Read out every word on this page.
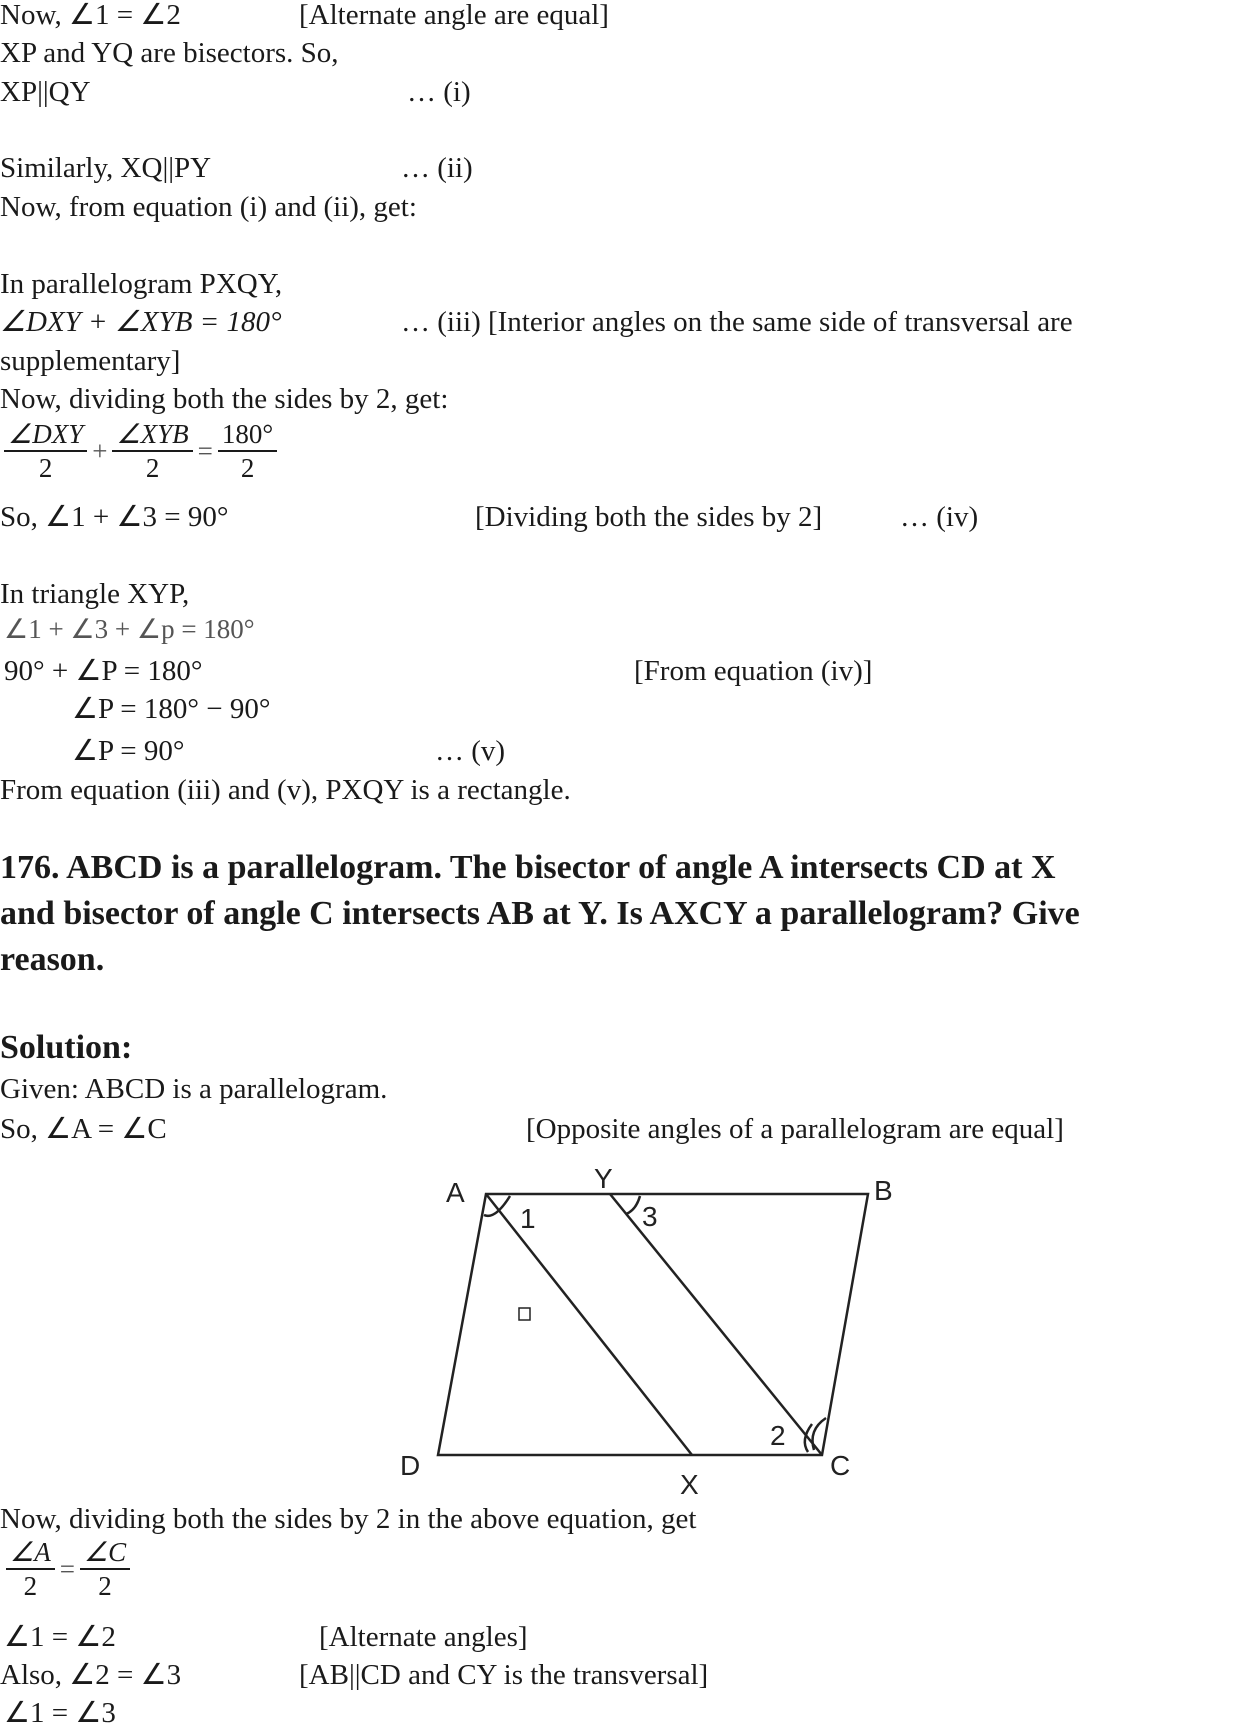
Now, ∠1 = ∠2	[Alternate angle are equal]
XP and YQ are bisectors. So,
XP||QY	… (i)
Similarly, XQ||PY	… (ii)
Now, from equation (i) and (ii), get:
In parallelogram PXQY,
∠DXY + ∠XYB = 180°	… (iii) [Interior angles on the same side of transversal are
supplementary]
Now, dividing both the sides by 2, get:
∠DXY
2
+
∠XYB
2
= $\frac{180^\circ}{2}$
So, ∠1 + ∠3 = 90°	[Dividing both the sides by 2]	… (iv)
In triangle XYP,
∠1 + ∠3 + ∠p = 180°
90° + ∠P = 180°	[From equation (iv)]
∠P = 180° − 90°
∠P = 90°	… (v)
From equation (iii) and (v), PXQY is a rectangle.
176. ABCD is a parallelogram. The bisector of angle A intersects CD at X
and bisector of angle C intersects AB at Y. Is AXCY a parallelogram? Give
reason.
Solution:
Given: ABCD is a parallelogram.
So, ∠A = ∠C	[Opposite angles of a parallelogram are equal]
A	B
C
D
X
Y
1
2
3
Now, dividing both the sides by 2 in the above equation, get
$\frac{\angle A}{2} = \frac{\angle C}{2}$
∠1 = ∠2	[Alternate angles]
Also, ∠2 = ∠3	[AB||CD and CY is the transversal]
∠1 = ∠3
